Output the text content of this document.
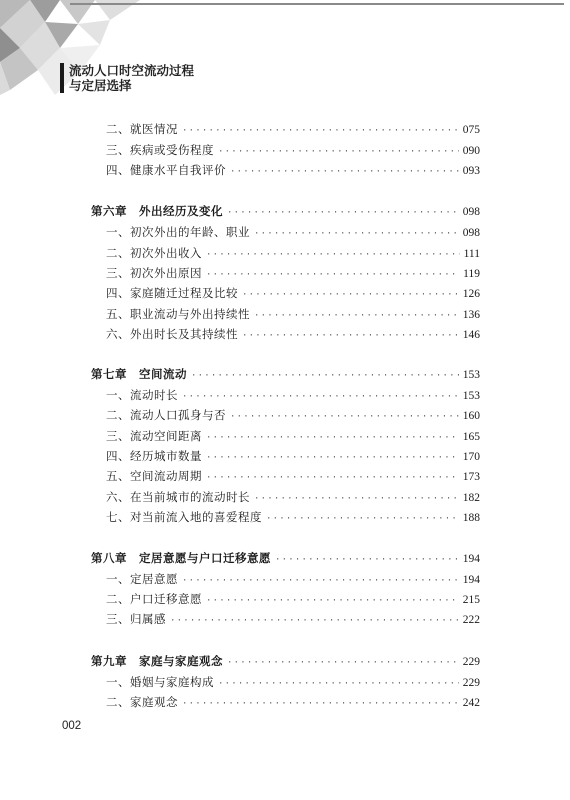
流动人口时空流动过程
与定居选择
二、就医情况 ·····	075
三、疾病或受伤程度 ·····	090
四、健康水平自我评价 ·····	093
第六章　外出经历及变化 ·····	098
一、初次外出的年龄、职业 ·····	098
二、初次外出收入 ·····	111
三、初次外出原因 ·····	119
四、家庭随迁过程及比较 ·····	126
五、职业流动与外出持续性 ·····	136
六、外出时长及其持续性 ·····	146
第七章　空间流动 ·····	153
一、流动时长 ·····	153
二、流动人口孤身与否 ·····	160
三、流动空间距离 ·····	165
四、经历城市数量 ·····	170
五、空间流动周期 ·····	173
六、在当前城市的流动时长 ·····	182
七、对当前流入地的喜爱程度 ·····	188
第八章　定居意愿与户口迁移意愿 ·····	194
一、定居意愿 ·····	194
二、户口迁移意愿 ·····	215
三、归属感 ·····	222
第九章　家庭与家庭观念 ·····	229
一、婚姻与家庭构成 ·····	229
二、家庭观念 ·····	242
002
